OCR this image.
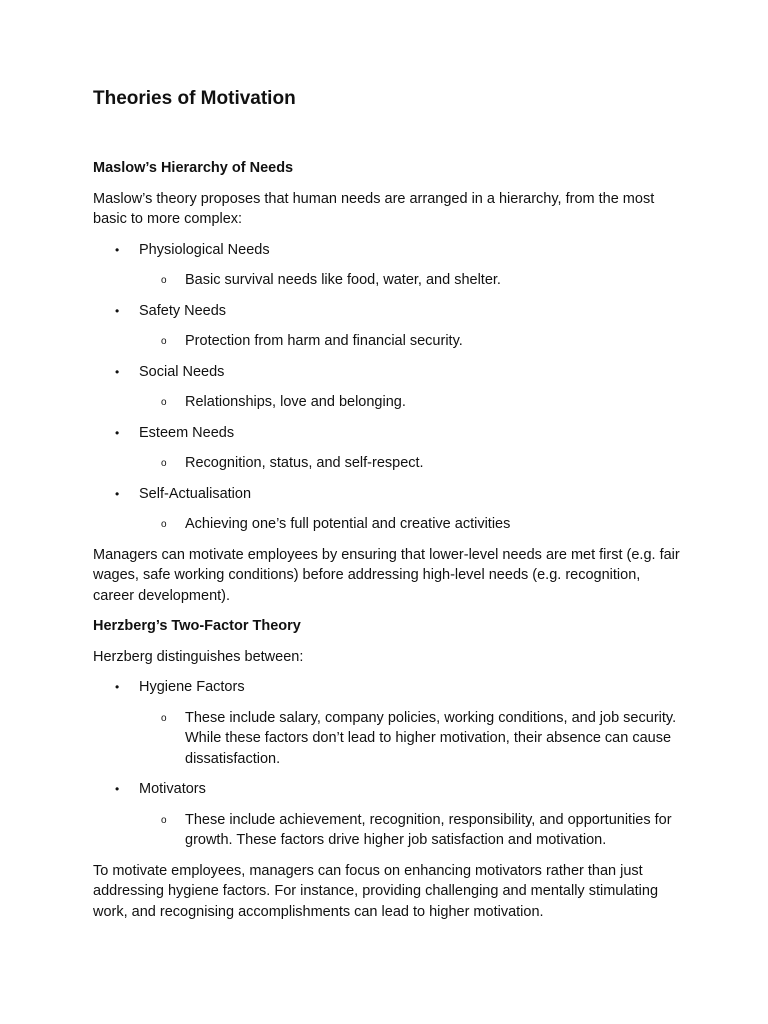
Theories of Motivation
Maslow’s Hierarchy of Needs
Maslow’s theory proposes that human needs are arranged in a hierarchy, from the most basic to more complex:
• Physiological Needs
o Basic survival needs like food, water, and shelter.
• Safety Needs
o Protection from harm and financial security.
• Social Needs
o Relationships, love and belonging.
• Esteem Needs
o Recognition, status, and self-respect.
• Self-Actualisation
o Achieving one’s full potential and creative activities
Managers can motivate employees by ensuring that lower-level needs are met first (e.g. fair wages, safe working conditions) before addressing high-level needs (e.g. recognition, career development).
Herzberg’s Two-Factor Theory
Herzberg distinguishes between:
• Hygiene Factors
o These include salary, company policies, working conditions, and job security. While these factors don’t lead to higher motivation, their absence can cause dissatisfaction.
• Motivators
o These include achievement, recognition, responsibility, and opportunities for growth. These factors drive higher job satisfaction and motivation.
To motivate employees, managers can focus on enhancing motivators rather than just addressing hygiene factors. For instance, providing challenging and mentally stimulating work, and recognising accomplishments can lead to higher motivation.
